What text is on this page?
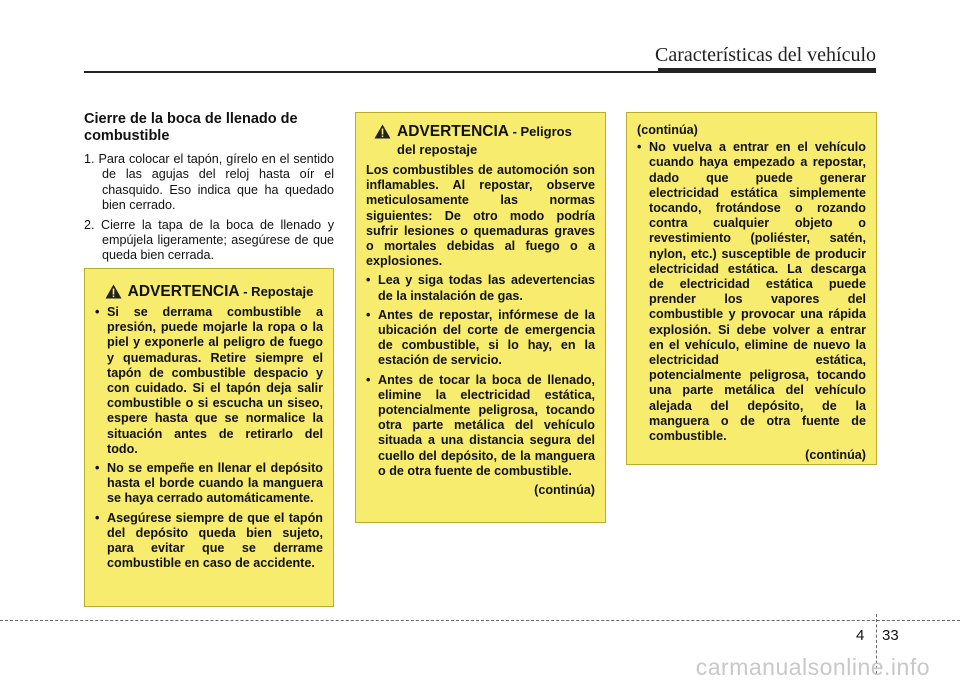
Características del vehículo
Cierre de la boca de llenado de combustible
1. Para colocar el tapón, gírelo en el sentido de las agujas del reloj hasta oír el chasquido. Eso indica que ha quedado bien cerrado.
2. Cierre la tapa de la boca de llenado y empújela ligeramente; asegúrese de que queda bien cerrada.
ADVERTENCIA - Repostaje
• Si se derrama combustible a presión, puede mojarle la ropa o la piel y exponerle al peligro de fuego y quemaduras. Retire siempre el tapón de combustible despacio y con cuidado. Si el tapón deja salir combustible o si escucha un siseo, espere hasta que se normalice la situación antes de retirarlo del todo.
• No se empeñe en llenar el depósito hasta el borde cuando la manguera se haya cerrado automáticamente.
• Asegúrese siempre de que el tapón del depósito queda bien sujeto, para evitar que se derrame combustible en caso de accidente.
ADVERTENCIA - Peligros
del repostaje

Los combustibles de automoción son inflamables. Al repostar, observe meticulosamente las normas siguientes: De otro modo podría sufrir lesiones o quemaduras graves o mortales debidas al fuego o a explosiones.

• Lea y siga todas las adevertencias de la instalación de gas.
• Antes de repostar, infórmese de la ubicación del corte de emergencia de combustible, si lo hay, en la estación de servicio.
• Antes de tocar la boca de llenado, elimine la electricidad estática, potencialmente peligrosa, tocando otra parte metálica del vehículo situada a una distancia segura del cuello del depósito, de la manguera o de otra fuente de combustible.
(continúa)
(continúa)
• No vuelva a entrar en el vehículo cuando haya empezado a repostar, dado que puede generar electricidad estática simplemente tocando, frotándose o rozando contra cualquier objeto o revestimiento (poliéster, satén, nylon, etc.) susceptible de producir electricidad estática. La descarga de electricidad estática puede prender los vapores del combustible y provocar una rápida explosión. Si debe volver a entrar en el vehículo, elimine de nuevo la electricidad estática, potencialmente peligrosa, tocando una parte metálica del vehículo alejada del depósito, de la manguera o de otra fuente de combustible.
(continúa)
4 33
carmanualsonline.info
